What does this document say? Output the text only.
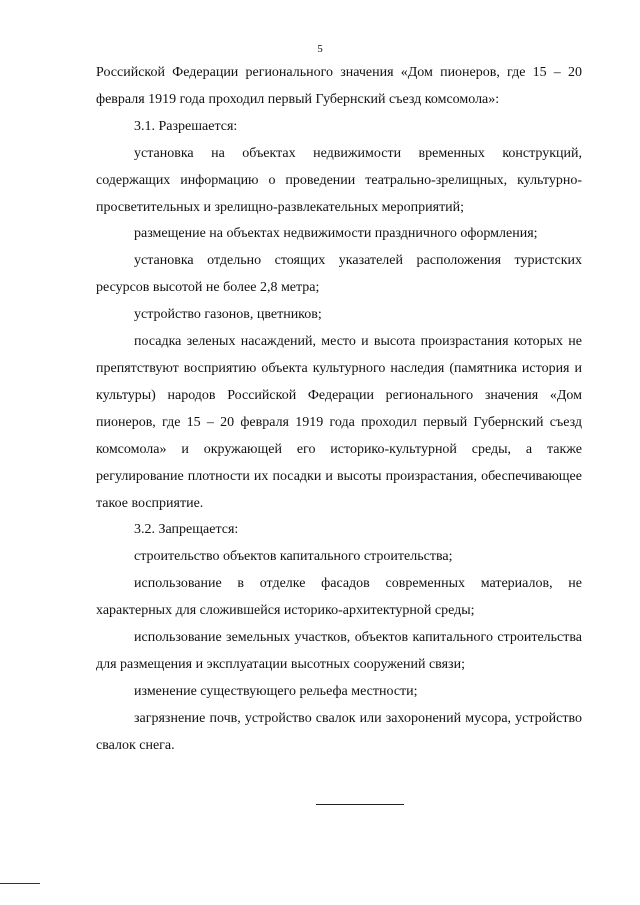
5

Российской Федерации регионального значения «Дом пионеров, где 15 – 20 февраля 1919 года проходил первый Губернский съезд комсомола»:

3.1. Разрешается:

установка на объектах недвижимости временных конструкций, содержащих информацию о проведении театрально-зрелищных, культурно-просветительных и зрелищно-развлекательных мероприятий;

размещение на объектах недвижимости праздничного оформления;

установка отдельно стоящих указателей расположения туристских ресурсов высотой не более 2,8 метра;

устройство газонов, цветников;

посадка зеленых насаждений, место и высота произрастания которых не препятствуют восприятию объекта культурного наследия (памятника история и культуры) народов Российской Федерации регионального значения «Дом пионеров, где 15 – 20 февраля 1919 года проходил первый Губернский съезд комсомола» и окружающей его историко-культурной среды, а также регулирование плотности их посадки и высоты произрастания, обеспечивающее такое восприятие.

3.2. Запрещается:

строительство объектов капитального строительства;

использование в отделке фасадов современных материалов, не характерных для сложившейся историко-архитектурной среды;

использование земельных участков, объектов капитального строительства для размещения и эксплуатации высотных сооружений связи;

изменение существующего рельефа местности;

загрязнение почв, устройство свалок или захоронений мусора, устройство свалок снега.
